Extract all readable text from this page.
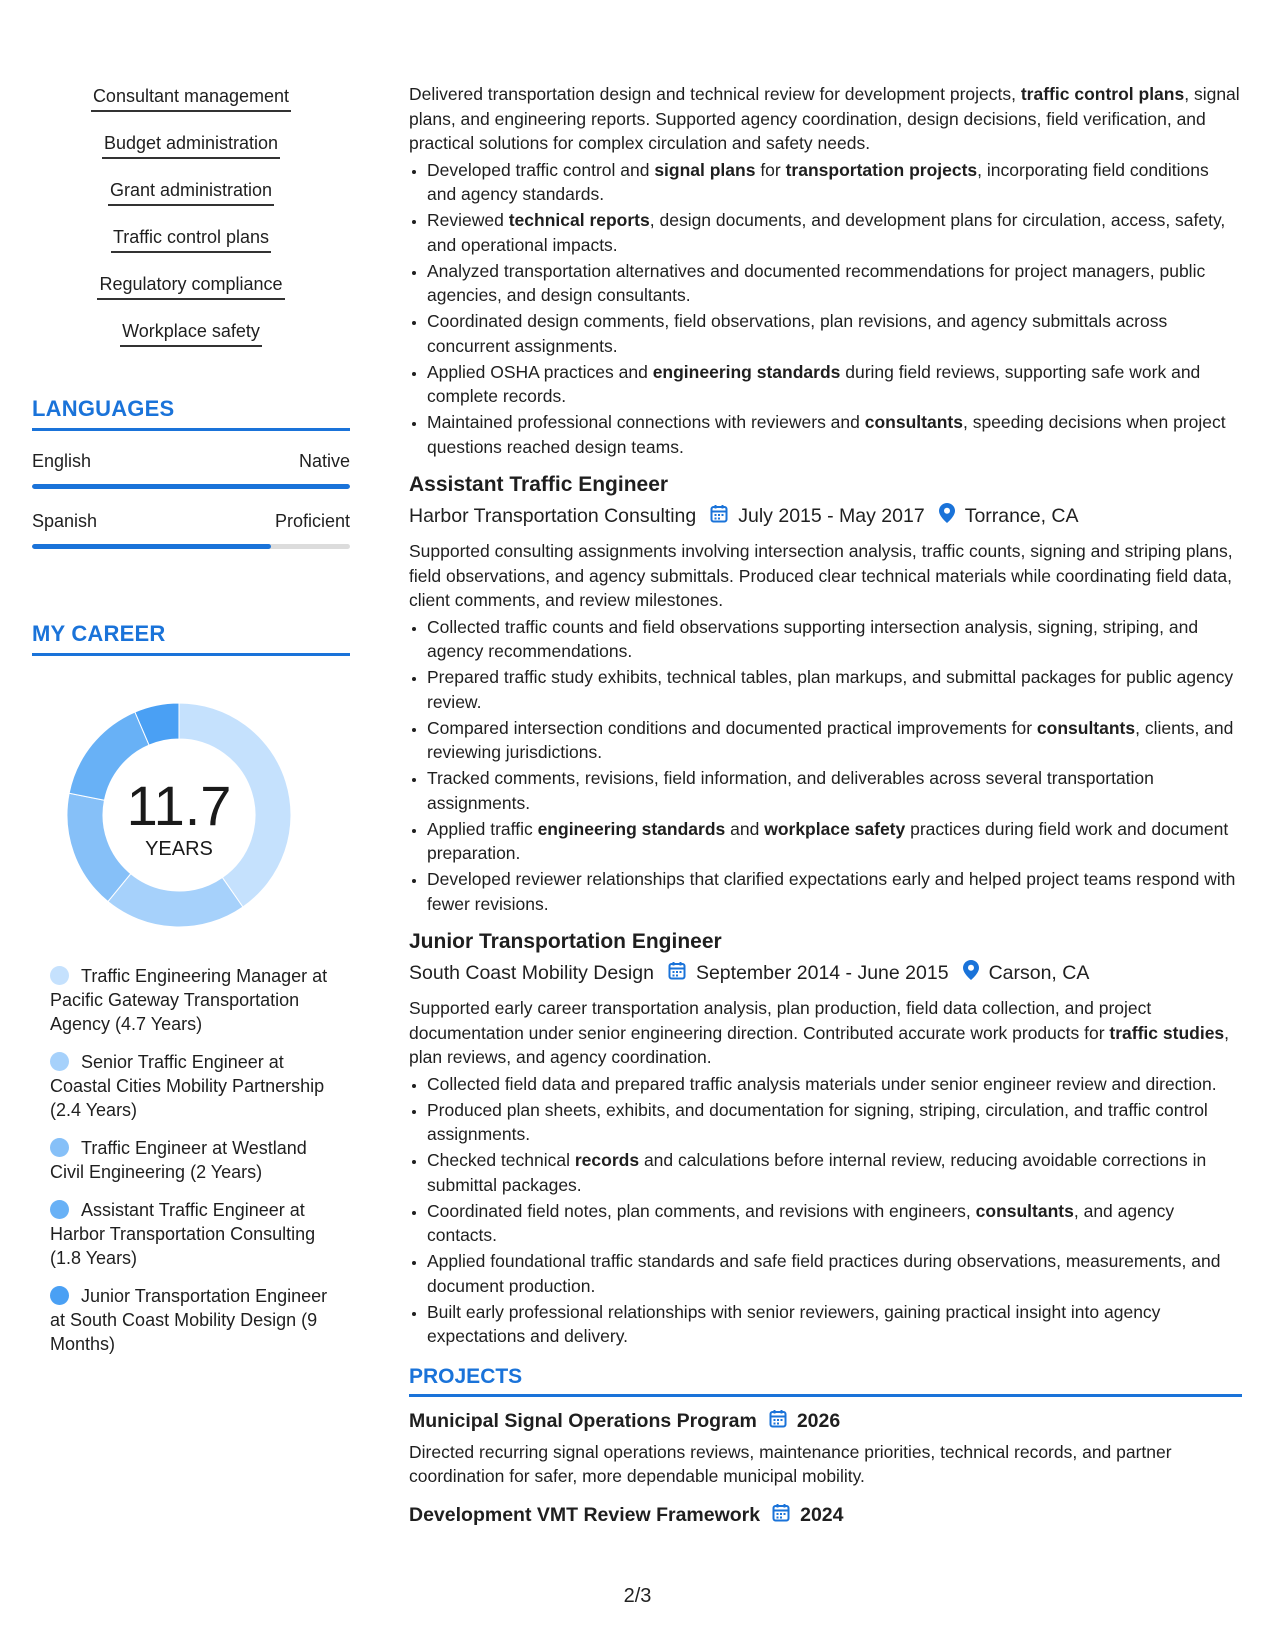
Consultant management
Budget administration
Grant administration
Traffic control plans
Regulatory compliance
Workplace safety
LANGUAGES
English	Native
Spanish	Proficient
MY CAREER
11.7
YEARS
Traffic Engineering Manager at Pacific Gateway Transportation Agency (4.7 Years)
Senior Traffic Engineer at Coastal Cities Mobility Partnership (2.4 Years)
Traffic Engineer at Westland Civil Engineering (2 Years)
Assistant Traffic Engineer at Harbor Transportation Consulting (1.8 Years)
Junior Transportation Engineer at South Coast Mobility Design (9 Months)

Delivered transportation design and technical review for development projects, traffic control plans, signal plans, and engineering reports. Supported agency coordination, design decisions, field verification, and practical solutions for complex circulation and safety needs.

• Developed traffic control and signal plans for transportation projects, incorporating field conditions and agency standards.
• Reviewed technical reports, design documents, and development plans for circulation, access, safety, and operational impacts.
• Analyzed transportation alternatives and documented recommendations for project managers, public agencies, and design consultants.
• Coordinated design comments, field observations, plan revisions, and agency submittals across concurrent assignments.
• Applied OSHA practices and engineering standards during field reviews, supporting safe work and complete records.
• Maintained professional connections with reviewers and consultants, speeding decisions when project questions reached design teams.
Assistant Traffic Engineer
Harbor Transportation Consulting July 2015 - May 2017 Torrance, CA

Supported consulting assignments involving intersection analysis, traffic counts, signing and striping plans, field observations, and agency submittals. Produced clear technical materials while coordinating field data, client comments, and review milestones.

• Collected traffic counts and field observations supporting intersection analysis, signing, striping, and agency recommendations.
• Prepared traffic study exhibits, technical tables, plan markups, and submittal packages for public agency review.
• Compared intersection conditions and documented practical improvements for consultants, clients, and reviewing jurisdictions.
• Tracked comments, revisions, field information, and deliverables across several transportation assignments.
• Applied traffic engineering standards and workplace safety practices during field work and document preparation.
• Developed reviewer relationships that clarified expectations early and helped project teams respond with fewer revisions.
Junior Transportation Engineer
South Coast Mobility Design September 2014 - June 2015 Carson, CA

Supported early career transportation analysis, plan production, field data collection, and project documentation under senior engineering direction. Contributed accurate work products for traffic studies, plan reviews, and agency coordination.

• Collected field data and prepared traffic analysis materials under senior engineer review and direction.
• Produced plan sheets, exhibits, and documentation for signing, striping, circulation, and traffic control assignments.
• Checked technical records and calculations before internal review, reducing avoidable corrections in submittal packages.
• Coordinated field notes, plan comments, and revisions with engineers, consultants, and agency contacts.
• Applied foundational traffic standards and safe field practices during observations, measurements, and document production.
• Built early professional relationships with senior reviewers, gaining practical insight into agency expectations and delivery.
PROJECTS
Municipal Signal Operations Program 2026

Directed recurring signal operations reviews, maintenance priorities, technical records, and partner coordination for safer, more dependable municipal mobility.

Development VMT Review Framework 2024
2/3
